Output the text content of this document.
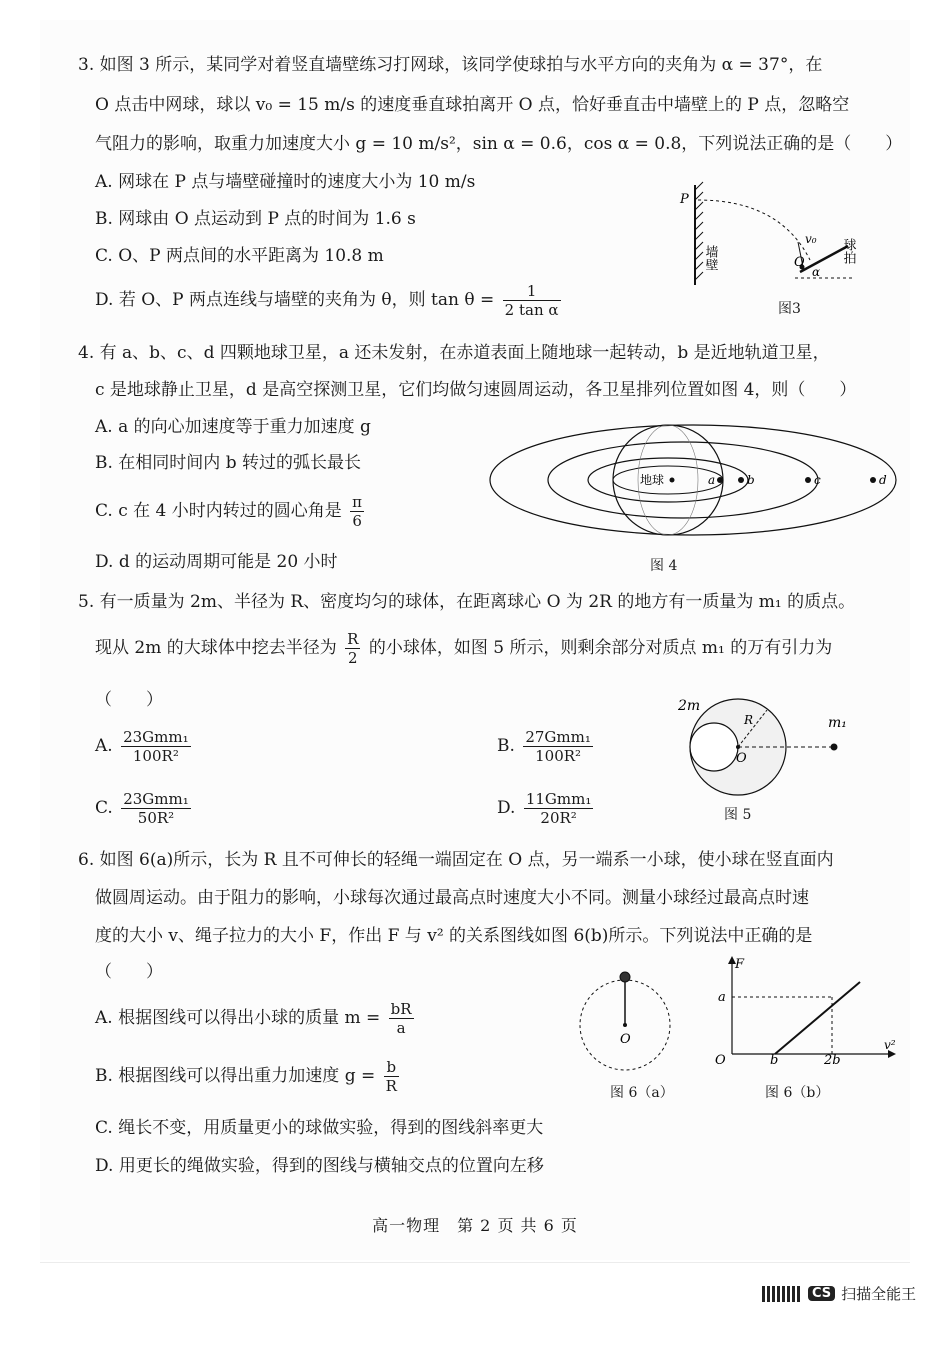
3. 如图 3 所示，某同学对着竖直墙壁练习打网球，该同学使球拍与水平方向的夹角为 α = 37°，在
O 点击中网球，球以 v₀ = 15 m/s 的速度垂直球拍离开 O 点，恰好垂直击中墙壁上的 P 点，忽略空
气阻力的影响，取重力加速度大小 g = 10 m/s²，sin α = 0.6，cos α = 0.8，下列说法正确的是（　　）
A. 网球在 P 点与墙壁碰撞时的速度大小为 10 m/s
B. 网球由 O 点运动到 P 点的时间为 1.6 s
C. O、P 两点间的水平距离为 10.8 m
D. 若 O、P 两点连线与墙壁的夹角为 θ，则 $\tan \theta = \frac{1}{\text{2 tan α}}$
P
墙壁
v₀
O
α
球拍
图3
4. 有 a、b、c、d 四颗地球卫星，a 还未发射，在赤道表面上随地球一起转动，b 是近地轨道卫星，
c 是地球静止卫星，d 是高空探测卫星，它们均做匀速圆周运动，各卫星排列位置如图 4，则（　　）
A. a 的向心加速度等于重力加速度 g
B. 在相同时间内 b 转过的弧长最长
C. c 在 4 小时内转过的圆心角是 $\frac{\pi}{6}$
D. d 的运动周期可能是 20 小时
地球	a	b	c	d
图 4
5. 有一质量为 2m、半径为 R、密度均匀的球体，在距离球心 O 为 2R 的地方有一质量为 m₁ 的质点。
现从 2m 的大球体中挖去半径为 $\frac{R}{2}$ 的小球体，如图 5 所示，则剩余部分对质点 m₁ 的万有引力为
（　　）
A. $\frac{\text{23Gmm₁}}{\text{100R²}}$	B. $\frac{\text{27Gmm₁}}{\text{100R²}}$
C. $\frac{\text{23Gmm₁}}{\text{50R²}}$	D. $\frac{\text{11Gmm₁}}{\text{20R²}}$
2m
R
O
m₁
图 5
6. 如图 6(a)所示，长为 R 且不可伸长的轻绳一端固定在 O 点，另一端系一小球，使小球在竖直面内
做圆周运动。由于阻力的影响，小球每次通过最高点时速度大小不同。测量小球经过最高点时速
度的大小 v、绳子拉力的大小 F，作出 F 与 v² 的关系图线如图 6(b)所示。下列说法中正确的是
（　　）
A. 根据图线可以得出小球的质量 $m = \frac{bR}{a}$
B. 根据图线可以得出重力加速度 $g = \frac{b}{R}$
C. 绳长不变，用质量更小的球做实验，得到的图线斜率更大
D. 用更长的绳做实验，得到的图线与横轴交点的位置向左移
O
图 6（a）
F
a
O	b	2b
v²
图 6（b）
高一物理　第 2 页 共 6 页
CS 扫描全能王
